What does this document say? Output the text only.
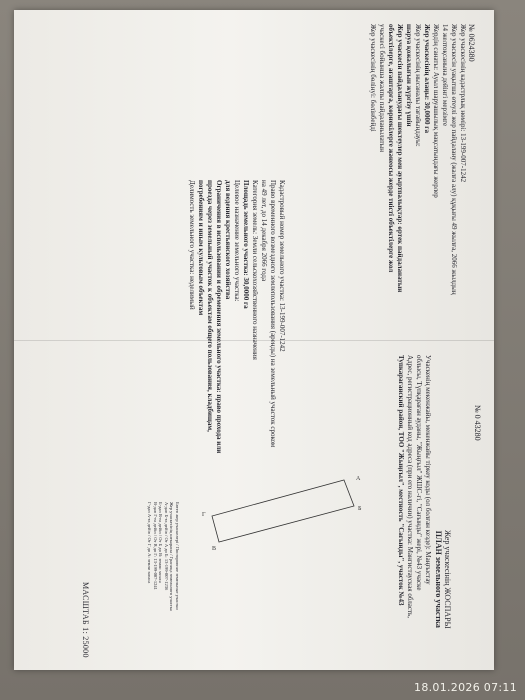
№ 0624380
Жер учаскесінің кадастрлық нөмірі: 13-199-007-1242
Жер учаскесін уақытша өтеулі жер пайдалану (жалға алу) құқығы 49 жылға, 2066 жылдың
14 желтоқсанына дейінгі мерзімге
Жердің санаты: Ауыл шаруашылық мақсатындағы жерлер
Жер учаскесінің алаңы: 30,0000 га
Жер учаскесінің нысаналы тағайындауы:
шаруа қожалығын жүргізу үшін
Жер учаскесін пайдаланудағы шектеулер мен ауыртпалықтар: өртек пайдаланатын
объектілерге, ағаштарға, көрнекілерге жәнеосы жерде тиісті объектілерге жол
учаскесі бойынша жалпы пайдаланылатын
Жер учаскесінің бөлінуі: бөлінбейді
Кадастровый номер земельного участка: 13-199-007-1242
Право временного возмездного землепользования (аренды) на земельный участок сроком
на 49 лет, до 14 декабря 2066 года
Категория земель: Земли сельскохозяйственного назначения
Площадь земельного участка: 30,0000 га
Целевое назначение земельного участка:
для ведения крестьянского хозяйства
Ограничения в использовании и обременения земельного участка: право прохода или
проезда через земельный участок к объектам общего пользования, кладбищам,
погребениям и иным культовым объектам
Делимость земельного участка: неделимый
№ 0 43280
Жер учаскесінің ЖОСПАРЫ
ПЛАН земельного участка
Учаскенің мекенжайы, мекенжайы тіркеу коды (ол болған кезде): Маңғыстау
облысы, Түпқараған ауданы, "Жыңғыл" ЖШС-гі, "Сағынды" жері, №43 учаске
Адрес, регистрационный код адреса (при его наличии) участка: Мангистауская область,
Тупкараганский район, ТОО "Жыңғыл", местность "Сагынды", участок №43
А
Б
В
Г
Бөтен жер учаскелері / Посторонние земельные участки
Жер учаскесінің шекарасы / Граница земельного участка
А-дан Б-ға дейін / От А до Б: 13-199-007-1236
Б-дан В-ға дейін / От Б до В: земли запаса
В-дан Г-ға дейін / От В до Г: 13-199-007-1241
Г-дан А-ға дейін / От Г до А: земли запаса
МАСШТАБ 1: 25000
18.01.2026 07:11
